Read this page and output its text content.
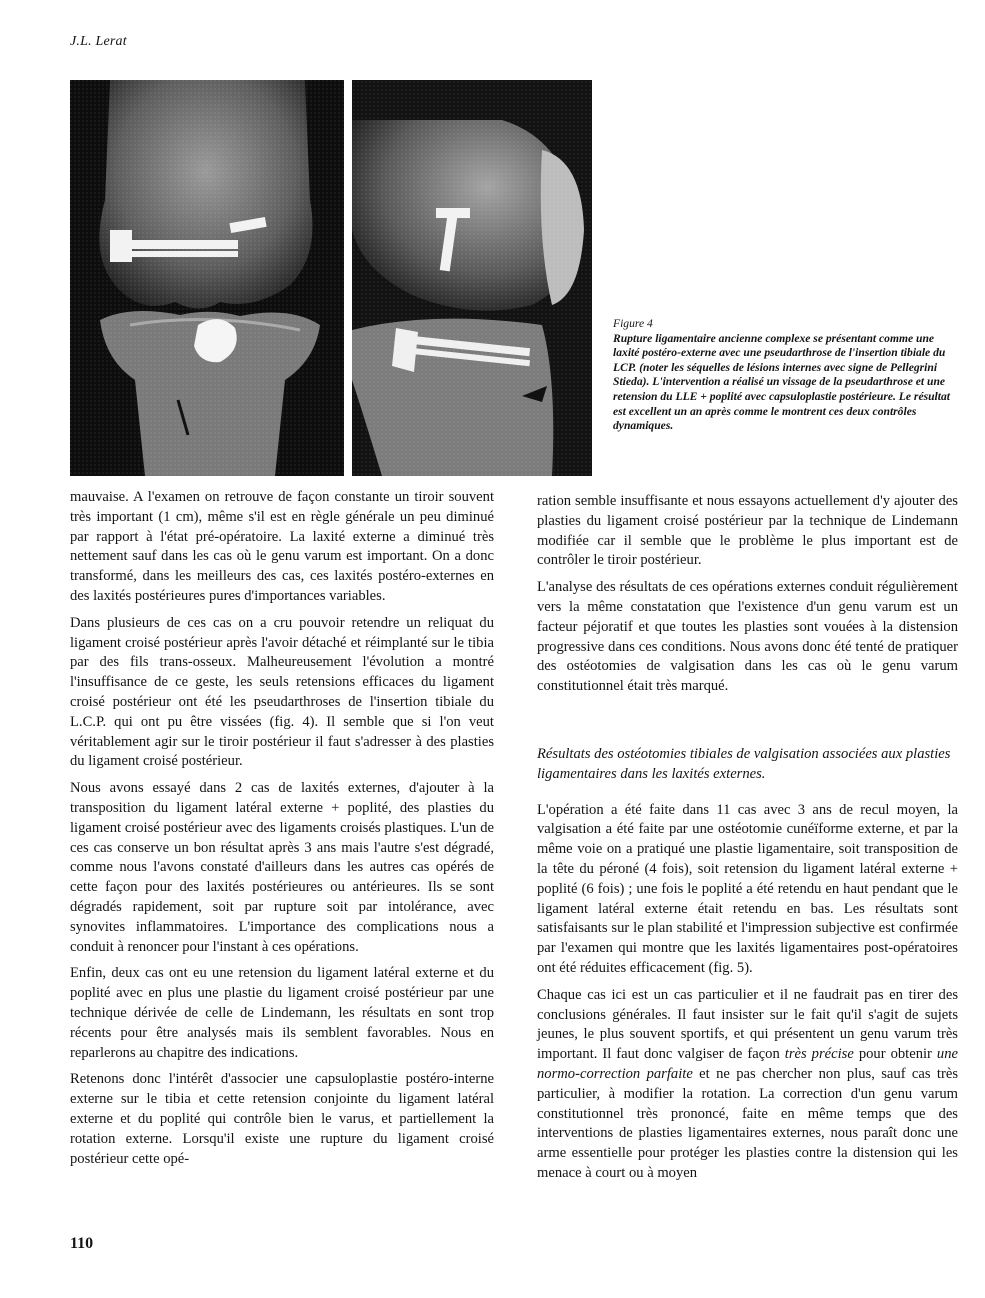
J.L. Lerat
Figure 4
Rupture ligamentaire ancienne complexe se présentant comme une laxité postéro-externe avec une pseudarthrose de l'insertion tibiale du LCP. (noter les séquelles de lésions internes avec signe de Pellegrini Stieda). L'intervention a réalisé un vissage de la pseudarthrose et une retension du LLE + poplité avec capsuloplastie postérieure. Le résultat est excellent un an après comme le montrent ces deux contrôles dynamiques.

mauvaise. A l'examen on retrouve de façon constante un tiroir souvent très important (1 cm), même s'il est en règle générale un peu diminué par rapport à l'état pré-opératoire. La laxité externe a diminué très nettement sauf dans les cas où le genu varum est important. On a donc transformé, dans les meilleurs des cas, ces laxités postéro-externes en des laxités postérieures pures d'importances variables.

Dans plusieurs de ces cas on a cru pouvoir retendre un reliquat du ligament croisé postérieur après l'avoir détaché et réimplanté sur le tibia par des fils trans-osseux. Malheureusement l'évolution a montré l'insuffisance de ce geste, les seuls retensions efficaces du ligament croisé postérieur ont été les pseudarthroses de l'insertion tibiale du L.C.P. qui ont pu être vissées (fig. 4). Il semble que si l'on veut véritablement agir sur le tiroir postérieur il faut s'adresser à des plasties du ligament croisé postérieur.

Nous avons essayé dans 2 cas de laxités externes, d'ajouter à la transposition du ligament latéral externe + poplité, des plasties du ligament croisé postérieur avec des ligaments croisés plastiques. L'un de ces cas conserve un bon résultat après 3 ans mais l'autre s'est dégradé, comme nous l'avons constaté d'ailleurs dans les autres cas opérés de cette façon pour des laxités postérieures ou antérieures. Ils se sont dégradés rapidement, soit par rupture soit par intolérance, avec synovites inflammatoires. L'importance des complications nous a conduit à renoncer pour l'instant à ces opérations.

Enfin, deux cas ont eu une retension du ligament latéral externe et du poplité avec en plus une plastie du ligament croisé postérieur par une technique dérivée de celle de Lindemann, les résultats en sont trop récents pour être analysés mais ils semblent favorables. Nous en reparlerons au chapitre des indications.

Retenons donc l'intérêt d'associer une capsuloplastie postéro-interne externe sur le tibia et cette retension conjointe du ligament latéral externe et du poplité qui contrôle bien le varus, et partiellement la rotation externe. Lorsqu'il existe une rupture du ligament croisé postérieur cette opé-

ration semble insuffisante et nous essayons actuellement d'y ajouter des plasties du ligament croisé postérieur par la technique de Lindemann modifiée car il semble que le problème le plus important est de contrôler le tiroir postérieur.

L'analyse des résultats de ces opérations externes conduit régulièrement vers la même constatation que l'existence d'un genu varum est un facteur péjoratif et que toutes les plasties sont vouées à la distension progressive dans ces conditions. Nous avons donc été tenté de pratiquer des ostéotomies de valgisation dans les cas où le genu varum constitutionnel était très marqué.

Résultats des ostéotomies tibiales de valgisation associées aux plasties ligamentaires dans les laxités externes.

L'opération a été faite dans 11 cas avec 3 ans de recul moyen, la valgisation a été faite par une ostéotomie cunéïforme externe, et par la même voie on a pratiqué une plastie ligamentaire, soit transposition de la tête du péroné (4 fois), soit retension du ligament latéral externe + poplité (6 fois) ; une fois le poplité a été retendu en haut pendant que le ligament latéral externe était retendu en bas. Les résultats sont satisfaisants sur le plan stabilité et l'impression subjective est confirmée par l'examen qui montre que les laxités ligamentaires post-opératoires ont été réduites efficacement (fig. 5).

Chaque cas ici est un cas particulier et il ne faudrait pas en tirer des conclusions générales. Il faut insister sur le fait qu'il s'agit de sujets jeunes, le plus souvent sportifs, et qui présentent un genu varum très important. Il faut donc valgiser de façon très précise pour obtenir une normo-correction parfaite et ne pas chercher non plus, sauf cas très particulier, à modifier la rotation. La correction d'un genu varum constitutionnel très prononcé, faite en même temps que des interventions de plasties ligamentaires externes, nous paraît donc une arme essentielle pour protéger les plasties contre la distension qui les menace à court ou à moyen

110
